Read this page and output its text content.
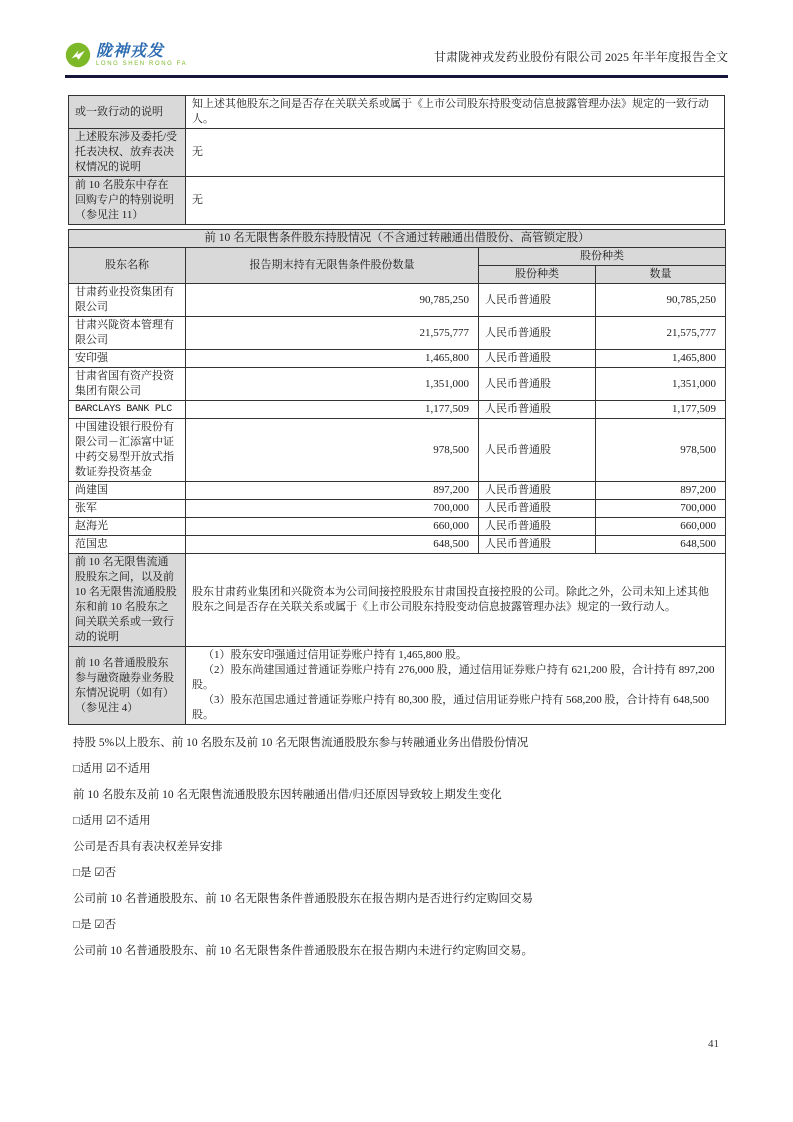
陇神戎发
LONG SHEN RONG FA	甘肃陇神戎发药业股份有限公司 2025 年半年度报告全文
或一致行动的说明	知上述其他股东之间是否存在关联关系或属于《上市公司股东持股变动信息披露管理办法》规定的一致行动人。
上述股东涉及委托/受托表决权、放弃表决权情况的说明	无
前 10 名股东中存在回购专户的特别说明（参见注 11）	无
前 10 名无限售条件股东持股情况（不含通过转融通出借股份、高管锁定股）			
股东名称	报告期末持有无限售条件股份数量	股份种类	
		股份种类	数量
甘肃药业投资集团有限公司	90,785,250	人民币普通股	90,785,250
甘肃兴陇资本管理有限公司	21,575,777	人民币普通股	21,575,777
安印强	1,465,800	人民币普通股	1,465,800
甘肃省国有资产投资集团有限公司	1,351,000	人民币普通股	1,351,000
BARCLAYS BANK PLC	1,177,509	人民币普通股	1,177,509
中国建设银行股份有限公司－汇添富中证中药交易型开放式指数证券投资基金	978,500	人民币普通股	978,500
尚建国	897,200	人民币普通股	897,200
张军	700,000	人民币普通股	700,000
赵海光	660,000	人民币普通股	660,000
范国忠	648,500	人民币普通股	648,500
前 10 名无限售流通股股东之间，以及前 10 名无限售流通股股东和前 10 名股东之间关联关系或一致行动的说明	股东甘肃药业集团和兴陇资本为公司间接控股股东甘肃国投直接控股的公司。除此之外，公司未知上述其他股东之间是否存在关联关系或属于《上市公司股东持股变动信息披露管理办法》规定的一致行动人。		
前 10 名普通股股东参与融资融券业务股东情况说明（如有）（参见注 4）	（1）股东安印强通过信用证券账户持有 1,465,800 股。

（2）股东尚建国通过普通证券账户持有 276,000 股，通过信用证券账户持有 621,200 股，合计持有 897,200 股。

（3）股东范国忠通过普通证券账户持有 80,300 股，通过信用证券账户持有 568,200 股，合计持有 648,500 股。		

持股 5%以上股东、前 10 名股东及前 10 名无限售流通股股东参与转融通业务出借股份情况

□适用 ☑不适用

前 10 名股东及前 10 名无限售流通股股东因转融通出借/归还原因导致较上期发生变化

□适用 ☑不适用

公司是否具有表决权差异安排

□是 ☑否

公司前 10 名普通股股东、前 10 名无限售条件普通股股东在报告期内是否进行约定购回交易

□是 ☑否

公司前 10 名普通股股东、前 10 名无限售条件普通股股东在报告期内未进行约定购回交易。

41
